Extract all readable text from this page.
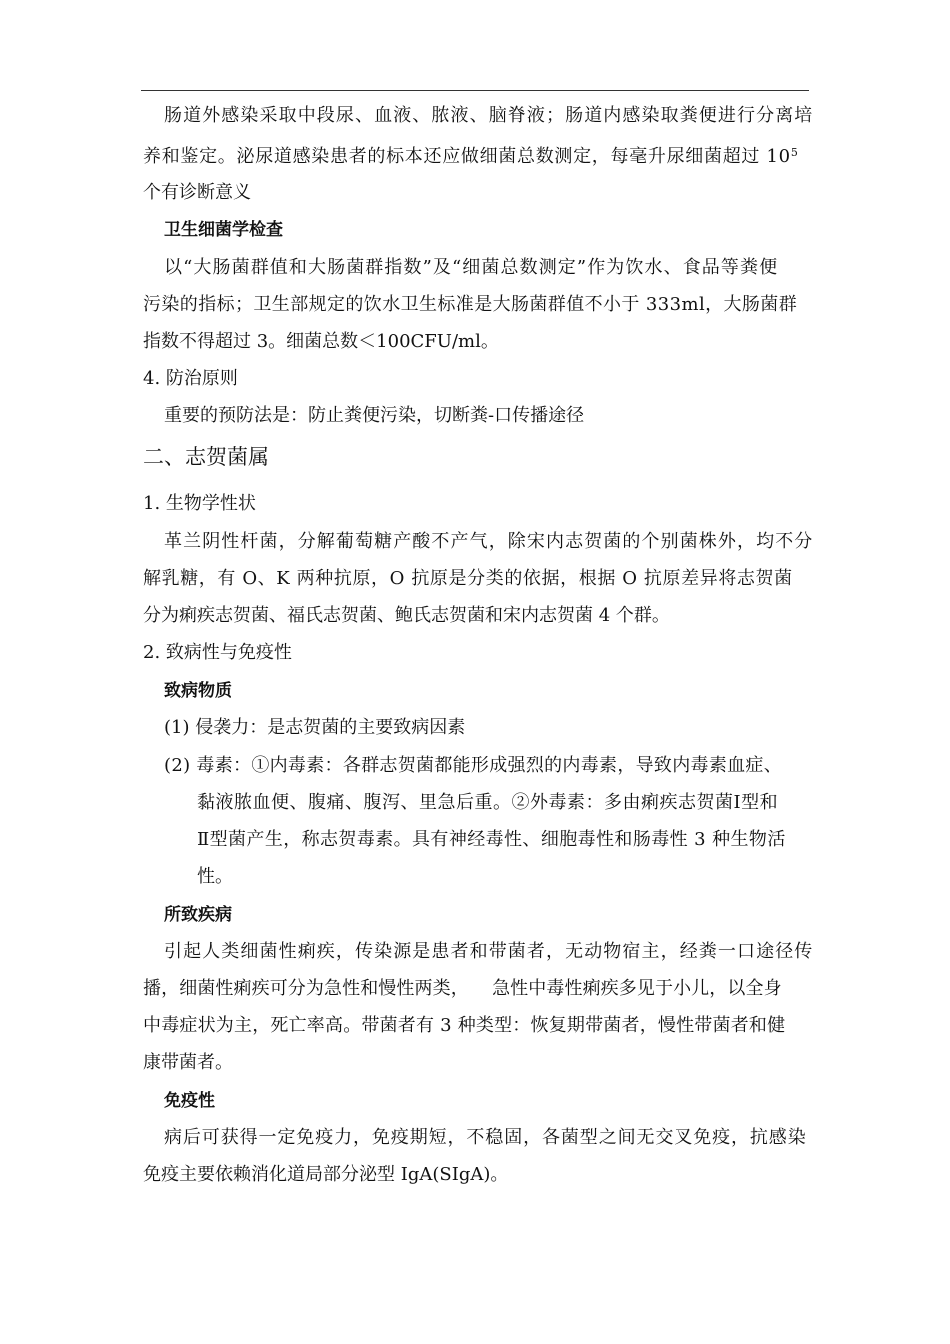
肠道外感染采取中段尿、血液、脓液、脑脊液；肠道内感染取粪便进行分离培
养和鉴定。泌尿道感染患者的标本还应做细菌总数测定，每毫升尿细菌超过 $10^5$
个有诊断意义
卫生细菌学检查
以“大肠菌群值和大肠菌群指数”及“细菌总数测定”作为饮水、食品等粪便
污染的指标；卫生部规定的饮水卫生标准是大肠菌群值不小于 333ml，大肠菌群
指数不得超过 3。细菌总数＜100CFU/ml。
4. 防治原则
重要的预防法是：防止粪便污染，切断粪-口传播途径
二、志贺菌属
1. 生物学性状
革兰阴性杆菌，分解葡萄糖产酸不产气，除宋内志贺菌的个别菌株外，均不分
解乳糖，有 O、K 两种抗原，O 抗原是分类的依据，根据 O 抗原差异将志贺菌
分为痢疾志贺菌、福氏志贺菌、鲍氏志贺菌和宋内志贺菌 4 个群。
2. 致病性与免疫性
致病物质
(1) 侵袭力：是志贺菌的主要致病因素
(2) 毒素：①内毒素：各群志贺菌都能形成强烈的内毒素，导致内毒素血症、
黏液脓血便、腹痛、腹泻、里急后重。②外毒素：多由痢疾志贺菌Ⅰ型和
Ⅱ型菌产生，称志贺毒素。具有神经毒性、细胞毒性和肠毒性 3 种生物活
性。
所致疾病
引起人类细菌性痢疾，传染源是患者和带菌者，无动物宿主，经粪一口途径传
播，细菌性痢疾可分为急性和慢性两类，    急性中毒性痢疾多见于小儿，以全身
中毒症状为主，死亡率高。带菌者有 3 种类型：恢复期带菌者，慢性带菌者和健
康带菌者。
免疫性
病后可获得一定免疫力，免疫期短，不稳固，各菌型之间无交叉免疫，抗感染
免疫主要依赖消化道局部分泌型 IgA(SIgA)。
